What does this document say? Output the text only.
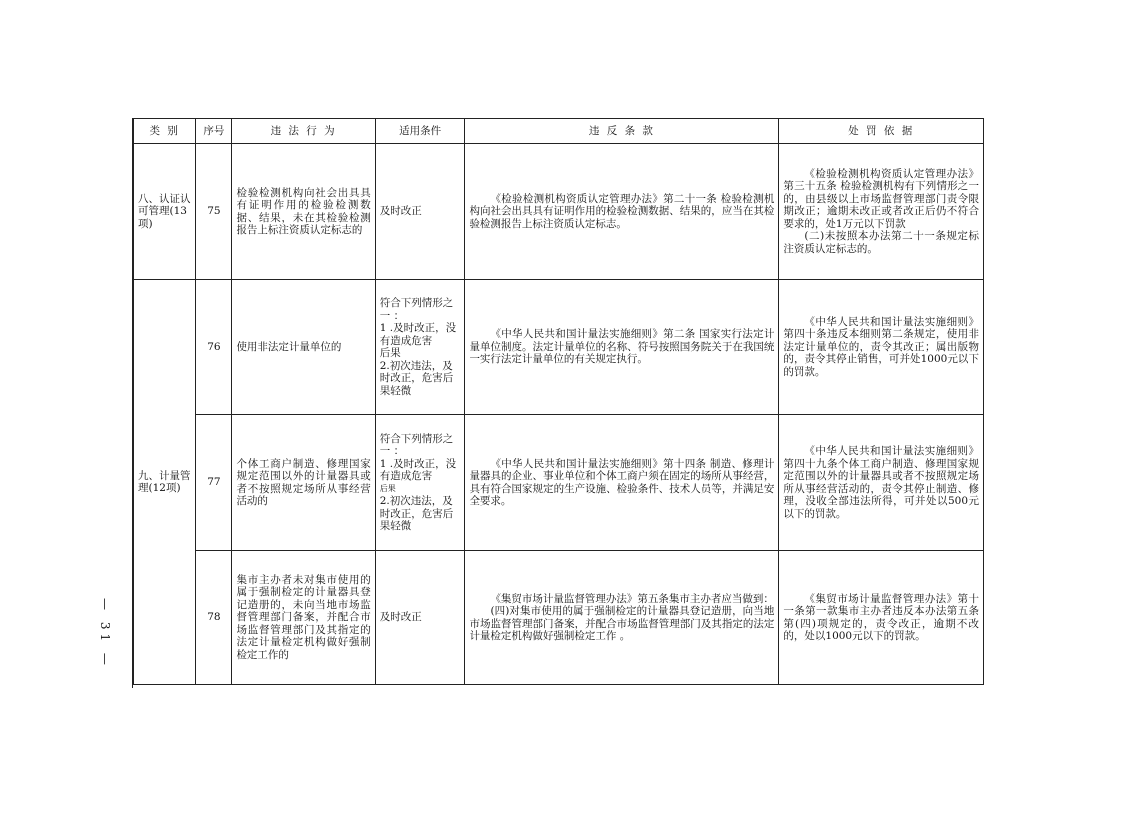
— 31 —
类 别	序号	违 法 行 为	适用条件	违 反 条 款	处 罚 依 据
八、认证认可管理(13项)	75	检验检测机构向社会出具具有证明作用的检验检测数据、结果，未在其检验检测报告上标注资质认定标志的	及时改正	《检验检测机构资质认定管理办法》第二十一条 检验检测机构向社会出具具有证明作用的检验检测数据、结果的，应当在其检验检测报告上标注资质认定标志。	《检验检测机构资质认定管理办法》第三十五条 检验检测机构有下列情形之一的，由县级以上市场监督管理部门责令限期改正；逾期未改正或者改正后仍不符合要求的，处1万元以下罚款
(二)未按照本办法第二十一条规定标注资质认定标志的。

九、计量管理(12项)	76	使用非法定计量单位的	符合下列情形之 一 ：
1 .及时改正，没有造成危害
后果
2.初次违法，及时改正，危害后果轻微	《中华人民共和国计量法实施细则》第二条 国家实行法定计量单位制度。法定计量单位的名称、符号按照国务院关于在我国统一实行法定计量单位的有关规定执行。	《中华人民共和国计量法实施细则》第四十条违反本细则第二条规定，使用非法定计量单位的，责令其改正；属出版物的，责令其停止销售，可并处1000元以下的罚款。
	77	个体工商户制造、修理国家规定范围以外的计量器具或者不按照规定场所从事经营活动的	符合下列情形之 一 ：
1 .及时改正，没有造成危害
后果
2.初次违法，及时改正，危害后果轻微	《中华人民共和国计量法实施细则》第十四条 制造、修理计量器具的企业、事业单位和个体工商户须在固定的场所从事经营，具有符合国家规定的生产设施、检验条件、技术人员等，并满足安全要求。	《中华人民共和国计量法实施细则》第四十九条个体工商户制造、修理国家规定范围以外的计量器具或者不按照规定场所从事经营活动的，责令其停止制造、修理，没收全部违法所得，可并处以500元以下的罚款。
	78	集市主办者未对集市使用的属于强制检定的计量器具登记造册的，未向当地市场监督管理部门备案，并配合市场监督管理部门及其指定的法定计量检定机构做好强制检定工作的	及时改正	《集贸市场计量监督管理办法》第五条集市主办者应当做到：
(四)对集市使用的属于强制检定的计量器具登记造册，向当地市场监督管理部门备案，并配合市场监督管理部门及其指定的法定计量检定机构做好强制检定工作 。	《集贸市场计量监督管理办法》第十一条第一款集市主办者违反本办法第五条第(四)项规定的，责令改正，逾期不改的，处以1000元以下的罚款。
